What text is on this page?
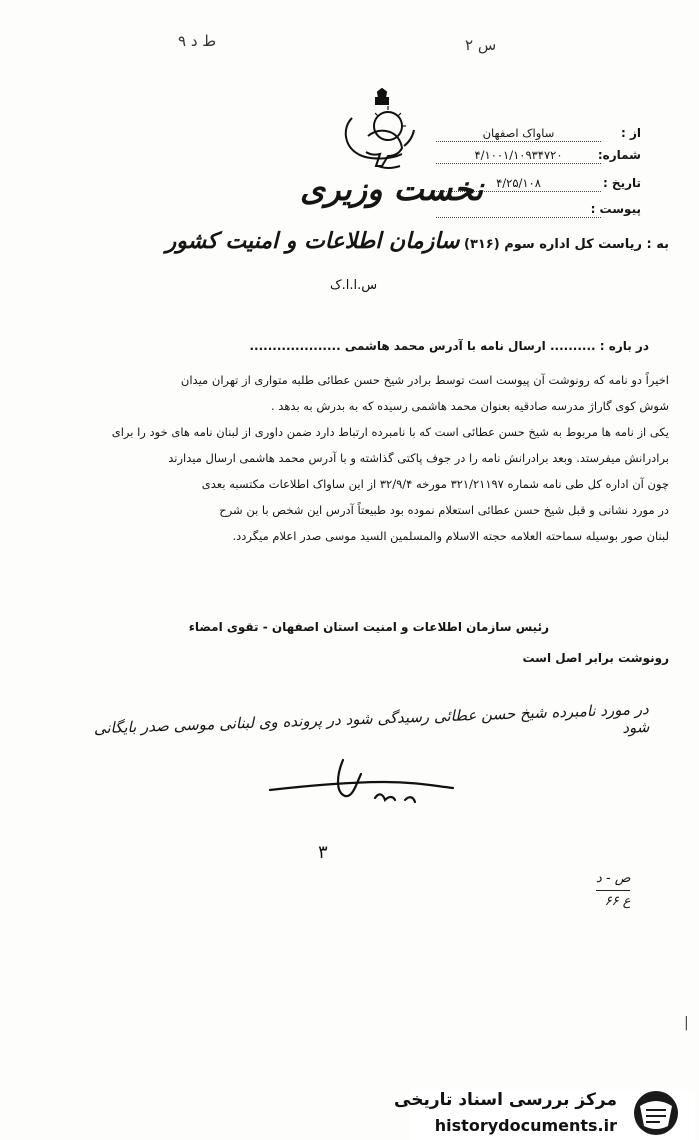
ط د ٩	س ٢
از :
ساواک اصفهان
شماره:
۴/۱۰۰۱/۱۰۹۳۴۷۲۰
تاریخ :
۴/۲۵/۱۰۸
پیوست :
نخست وزیری
به : ریاست کل اداره سوم (۳۱۶) سازمان اطلاعات و امنیت کشور
س.ا.ا.ک
در باره : .......... ارسال نامه با آدرس محمد هاشمی ....................
اخیراً دو نامه که رونوشت آن پیوست است توسط برادر شیخ حسن عطائی طلبه متواری از تهران میدان
شوش کوی گاراژ مدرسه صادقیه بعنوان محمد هاشمی رسیده که به بدرش به بدهد .
یکی از نامه ها مربوط به شیخ حسن عطائی است که با نامبرده ارتباط دارد ضمن داوری از لبنان نامه های خود را برای
برادرانش میفرستد. وبعد برادرانش نامه را در جوف پاکتی گذاشته و با آدرس محمد هاشمی ارسال میدارند
چون آن اداره کل طی نامه شماره ۳۲۱/۲۱۱۹۷ مورخه ۳۲/۹/۴ از این ساواک اطلاعات مکتسبه بعدی
در مورد نشانی و قبل شیخ حسن عطائی استعلام نموده بود طبیعتاً آدرس این شخص با بن شرح
لبنان صور بوسیله سماحته العلامه حجته الاسلام والمسلمین السید موسی صدر اعلام میگردد.
رئیس سازمان اطلاعات و امنیت استان اصفهان - تقوی امضاء
رونوشت برابر اصل است
در مورد نامبرده شیخ حسن عطائی رسیدگی شود در پرونده وی لبنانی موسی صدر بایگانی شود
٣
ص - د
ع ۶۶
|
مرکز بررسی اسناد تاریخی
historydocuments.ir
